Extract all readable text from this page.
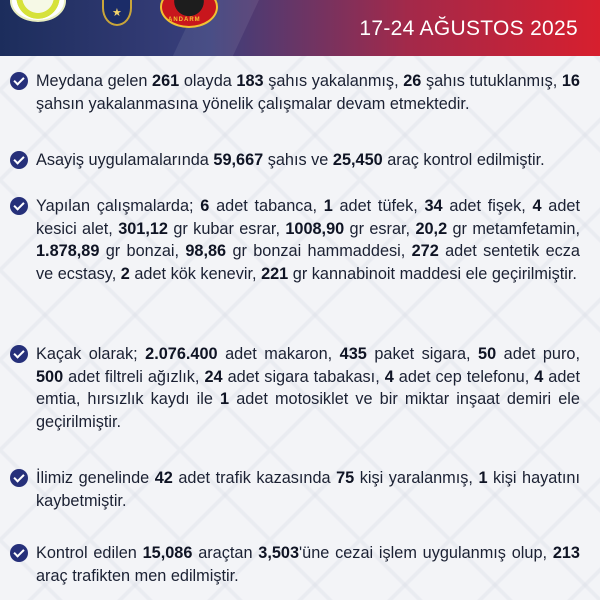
★
ANDARM	17-24 AĞUSTOS 2025
Meydana gelen 261 olayda 183 şahıs yakalanmış, 26 şahıs tutuklanmış, 16 şahsın yakalanmasına yönelik çalışmalar devam etmektedir.
Asayiş uygulamalarında 59,667 şahıs ve 25,450 araç kontrol edilmiştir.
Yapılan çalışmalarda; 6 adet tabanca, 1 adet tüfek, 34 adet fişek, 4 adet kesici alet, 301,12 gr kubar esrar, 1008,90 gr esrar, 20,2 gr metamfetamin, 1.878,89 gr bonzai, 98,86 gr bonzai hammaddesi, 272 adet sentetik ecza ve ecstasy, 2 adet kök kenevir, 221 gr kannabinoit maddesi ele geçirilmiştir.
Kaçak olarak; 2.076.400 adet makaron, 435 paket sigara, 50 adet puro, 500 adet filtreli ağızlık, 24 adet sigara tabakası, 4 adet cep telefonu, 4 adet emtia, hırsızlık kaydı ile 1 adet motosiklet ve bir miktar inşaat demiri ele geçirilmiştir.
İlimiz genelinde 42 adet trafik kazasında 75 kişi yaralanmış, 1 kişi hayatını kaybetmiştir.
Kontrol edilen 15,086 araçtan 3,503'üne cezai işlem uygulanmış olup, 213 araç trafikten men edilmiştir.
